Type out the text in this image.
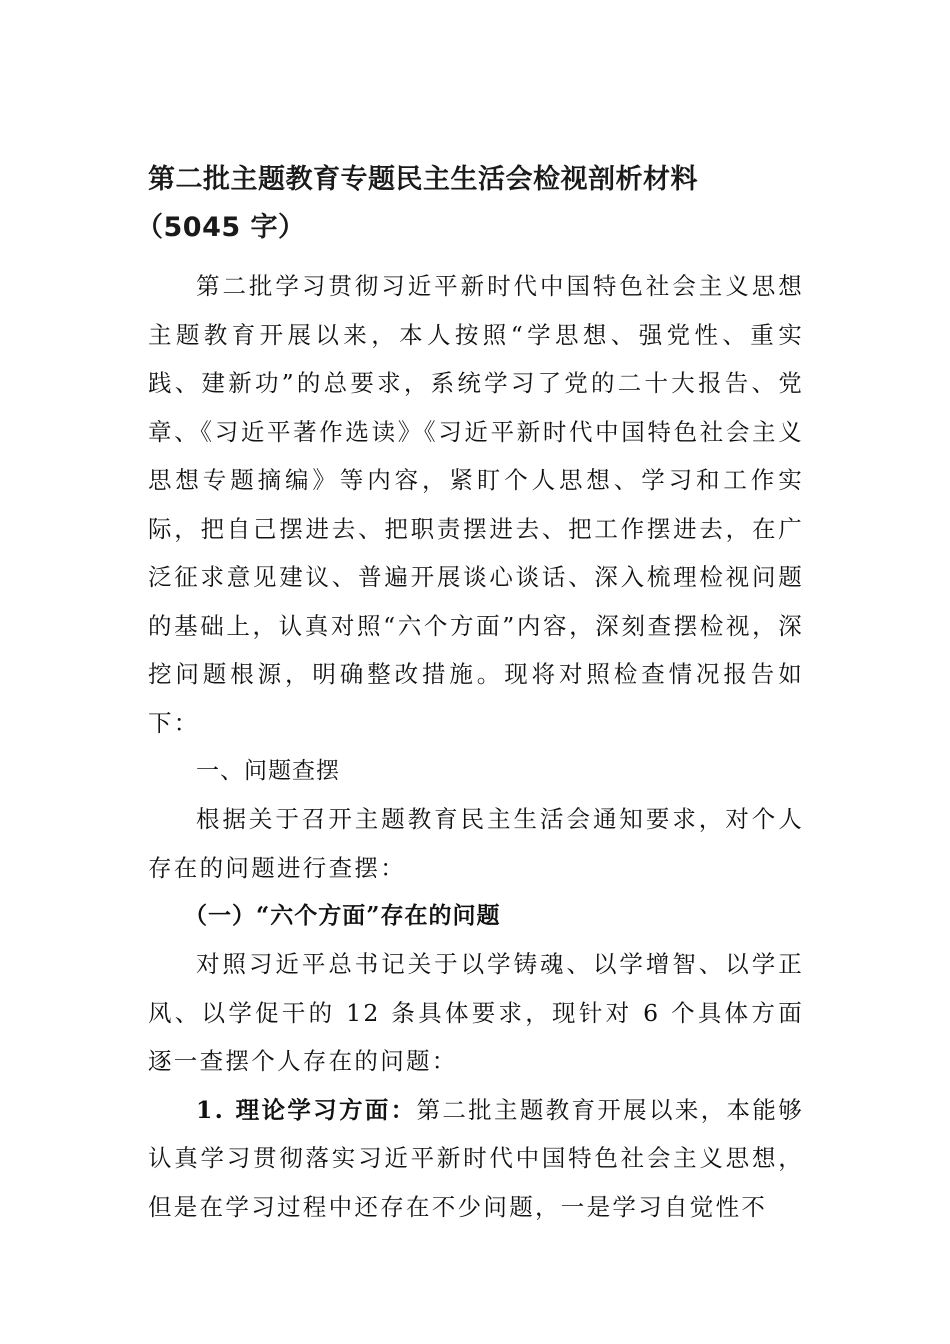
第二批主题教育专题民主生活会检视剖析材料

（5045 字）

第二批学习贯彻习近平新时代中国特色社会主义思想主题教育开展以来，本人按照“学思想、强党性、重实践、建新功”的总要求，系统学习了党的二十大报告、党章、《习近平著作选读》《习近平新时代中国特色社会主义思想专题摘编》等内容，紧盯个人思想、学习和工作实际，把自己摆进去、把职责摆进去、把工作摆进去，在广泛征求意见建议、普遍开展谈心谈话、深入梳理检视问题的基础上，认真对照“六个方面”内容，深刻查摆检视，深挖问题根源，明确整改措施。现将对照检查情况报告如下：

一、问题查摆

根据关于召开主题教育民主生活会通知要求，对个人存在的问题进行查摆：

（一）“六个方面”存在的问题

对照习近平总书记关于以学铸魂、以学增智、以学正风、以学促干的 12 条具体要求，现针对 6 个具体方面逐一查摆个人存在的问题：

1. 理论学习方面：第二批主题教育开展以来，本能够认真学习贯彻落实习近平新时代中国特色社会主义思想，但是在学习过程中还存在不少问题，一是学习自觉性不
